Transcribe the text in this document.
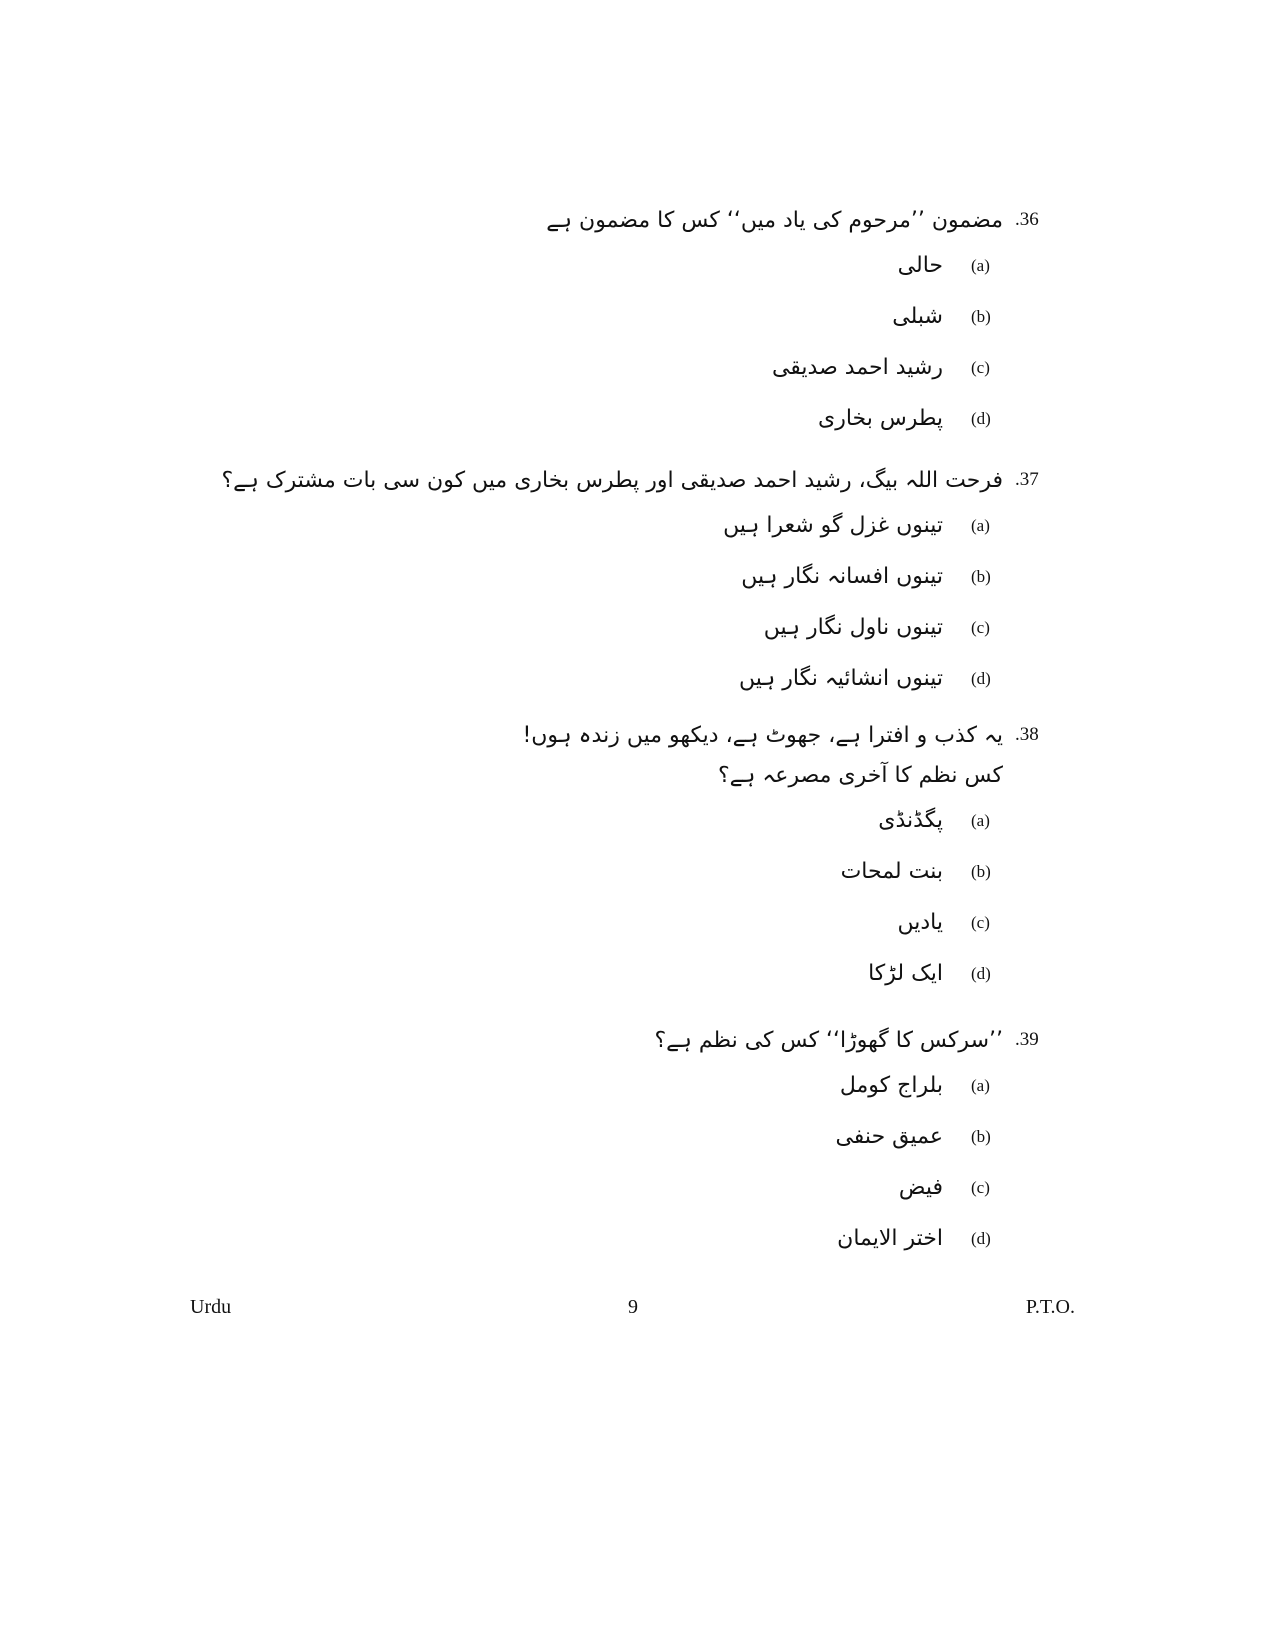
مضمون ’’مرحوم کی یاد میں‘‘ کس کا مضمون ہے .36
حالی (a)
شبلی (b)
رشید احمد صدیقی (c)
پطرس بخاری (d)
فرحت اللہ بیگ، رشید احمد صدیقی اور پطرس بخاری میں کون سی بات مشترک ہے؟ .37
تینوں غزل گو شعرا ہیں (a)
تینوں افسانہ نگار ہیں (b)
تینوں ناول نگار ہیں (c)
تینوں انشائیہ نگار ہیں (d)
یہ کذب و افترا ہے، جھوٹ ہے، دیکھو میں زندہ ہوں! .38
کس نظم کا آخری مصرعہ ہے؟
پگڈنڈی (a)
بنت لمحات (b)
یادیں (c)
ایک لڑکا (d)
’’سرکس کا گھوڑا‘‘ کس کی نظم ہے؟ .39
بلراج کومل (a)
عمیق حنفی (b)
فیض (c)
اختر الایمان (d)
Urdu	9	P.T.O.
